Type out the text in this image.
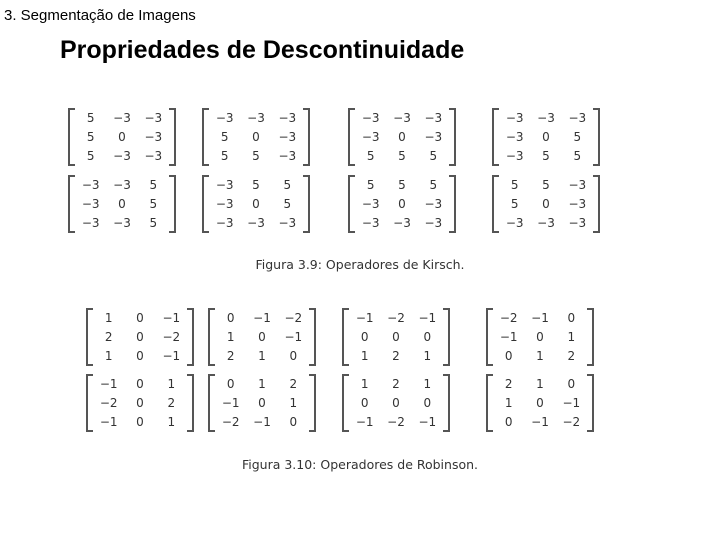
3. Segmentação de Imagens
Propriedades de Descontinuidade
5	−3	−3
5	0	−3
5	−3	−3
−3	−3	−3
5	0	−3
5	5	−3
−3	−3	−3
−3	0	−3
5	5	5
−3	−3	−3
−3	0	5
−3	5	5
−3	−3	5
−3	0	5
−3	−3	5
−3	5	5
−3	0	5
−3	−3	−3
5	5	5
−3	0	−3
−3	−3	−3
5	5	−3
5	0	−3
−3	−3	−3
Figura 3.9: Operadores de Kirsch.
1	0	−1
2	0	−2
1	0	−1
0	−1	−2
1	0	−1
2	1	0
−1	−2	−1
0	0	0
1	2	1
−2	−1	0
−1	0	1
0	1	2
−1	0	1
−2	0	2
−1	0	1
0	1	2
−1	0	1
−2	−1	0
1	2	1
0	0	0
−1	−2	−1
2	1	0
1	0	−1
0	−1	−2
Figura 3.10: Operadores de Robinson.
